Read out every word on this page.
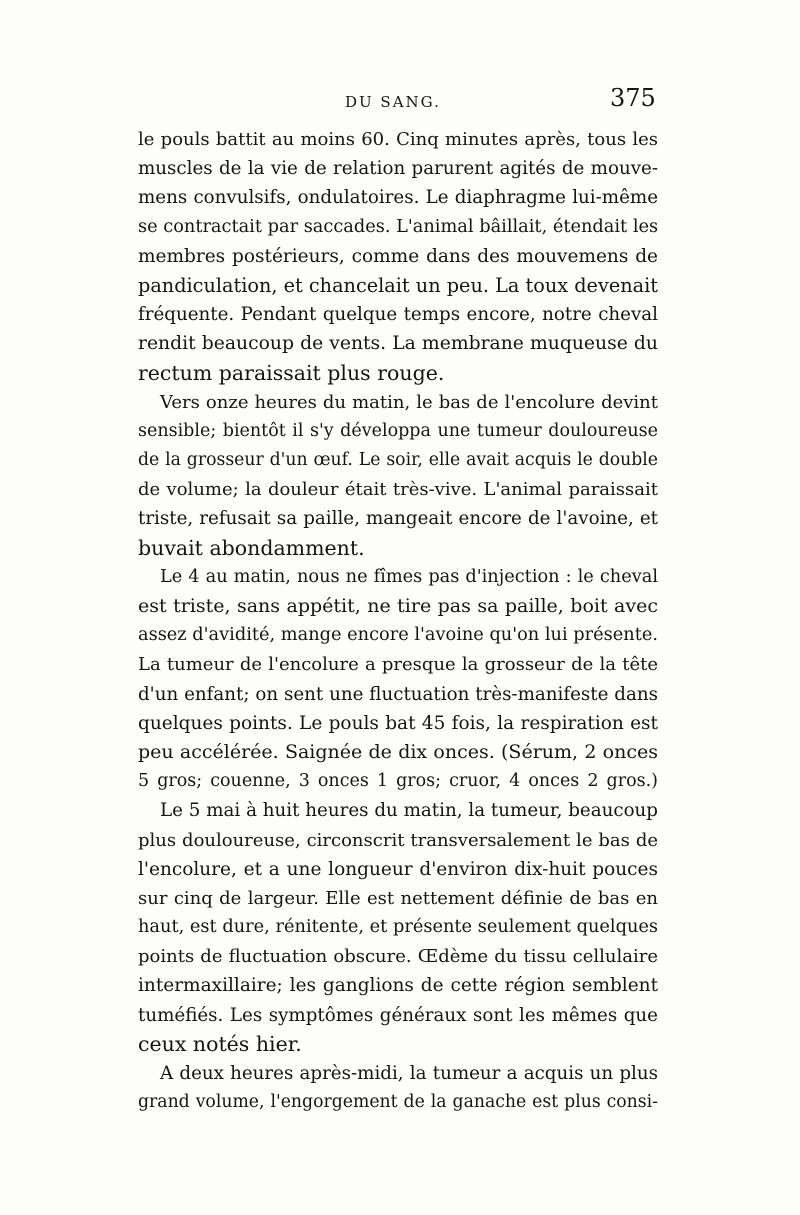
DU SANG.	375
le pouls battit au moins 60. Cinq minutes après, tous les
muscles de la vie de relation parurent agités de mouve-
mens convulsifs, ondulatoires. Le diaphragme lui-même
se contractait par saccades. L'animal bâillait, étendait les
membres postérieurs, comme dans des mouvemens de
pandiculation, et chancelait un peu. La toux devenait
fréquente. Pendant quelque temps encore, notre cheval
rendit beaucoup de vents. La membrane muqueuse du
rectum paraissait plus rouge.
Vers onze heures du matin, le bas de l'encolure devint
sensible; bientôt il s'y développa une tumeur douloureuse
de la grosseur d'un œuf. Le soir, elle avait acquis le double
de volume; la douleur était très-vive. L'animal paraissait
triste, refusait sa paille, mangeait encore de l'avoine, et
buvait abondamment.
Le 4 au matin, nous ne fîmes pas d'injection : le cheval
est triste, sans appétit, ne tire pas sa paille, boit avec
assez d'avidité, mange encore l'avoine qu'on lui présente.
La tumeur de l'encolure a presque la grosseur de la tête
d'un enfant; on sent une fluctuation très-manifeste dans
quelques points. Le pouls bat 45 fois, la respiration est
peu accélérée. Saignée de dix onces. (Sérum, 2 onces
5 gros; couenne, 3 onces 1 gros; cruor, 4 onces 2 gros.)
Le 5 mai à huit heures du matin, la tumeur, beaucoup
plus douloureuse, circonscrit transversalement le bas de
l'encolure, et a une longueur d'environ dix-huit pouces
sur cinq de largeur. Elle est nettement définie de bas en
haut, est dure, rénitente, et présente seulement quelques
points de fluctuation obscure. Œdème du tissu cellulaire
intermaxillaire; les ganglions de cette région semblent
tuméfiés. Les symptômes généraux sont les mêmes que
ceux notés hier.
A deux heures après-midi, la tumeur a acquis un plus
grand volume, l'engorgement de la ganache est plus consi-
